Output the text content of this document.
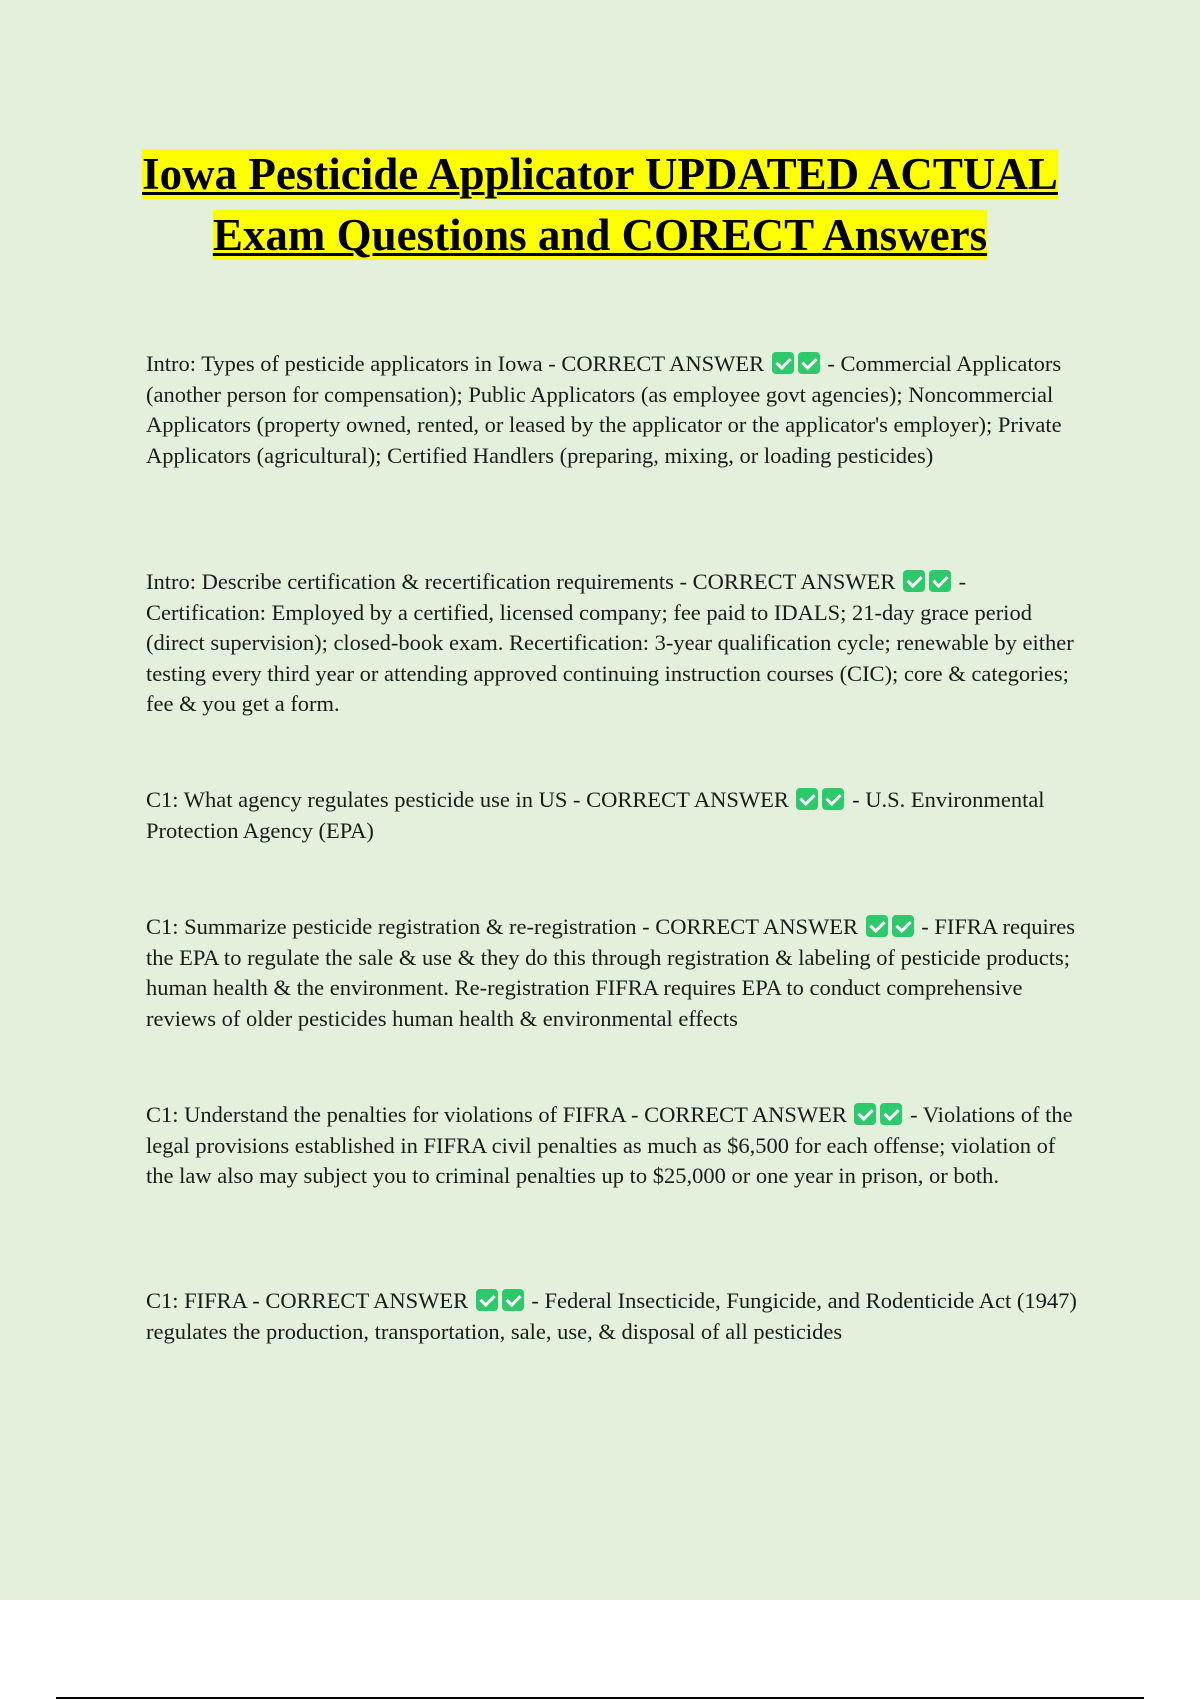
Iowa Pesticide Applicator UPDATED ACTUAL Exam Questions and CORECT Answers
Intro: Types of pesticide applicators in Iowa - CORRECT ANSWER	- Commercial Applicators (another person for compensation); Public Applicators (as employee govt agencies); Noncommercial Applicators (property owned, rented, or leased by the applicator or the applicator's employer); Private Applicators (agricultural); Certified Handlers (preparing, mixing, or loading pesticides)
Intro: Describe certification & recertification requirements - CORRECT ANSWER	- Certification: Employed by a certified, licensed company; fee paid to IDALS; 21-day grace period (direct supervision); closed-book exam. Recertification: 3-year qualification cycle; renewable by either testing every third year or attending approved continuing instruction courses (CIC); core & categories; fee & you get a form.
C1: What agency regulates pesticide use in US - CORRECT ANSWER	- U.S. Environmental Protection Agency (EPA)
C1: Summarize pesticide registration & re-registration - CORRECT ANSWER	- FIFRA requires the EPA to regulate the sale & use & they do this through registration & labeling of pesticide products; human health & the environment. Re-registration FIFRA requires EPA to conduct comprehensive reviews of older pesticides human health & environmental effects
C1: Understand the penalties for violations of FIFRA - CORRECT ANSWER	- Violations of the legal provisions established in FIFRA civil penalties as much as $6,500 for each offense; violation of the law also may subject you to criminal penalties up to $25,000 or one year in prison, or both.
C1: FIFRA - CORRECT ANSWER	- Federal Insecticide, Fungicide, and Rodenticide Act (1947) regulates the production, transportation, sale, use, & disposal of all pesticides
